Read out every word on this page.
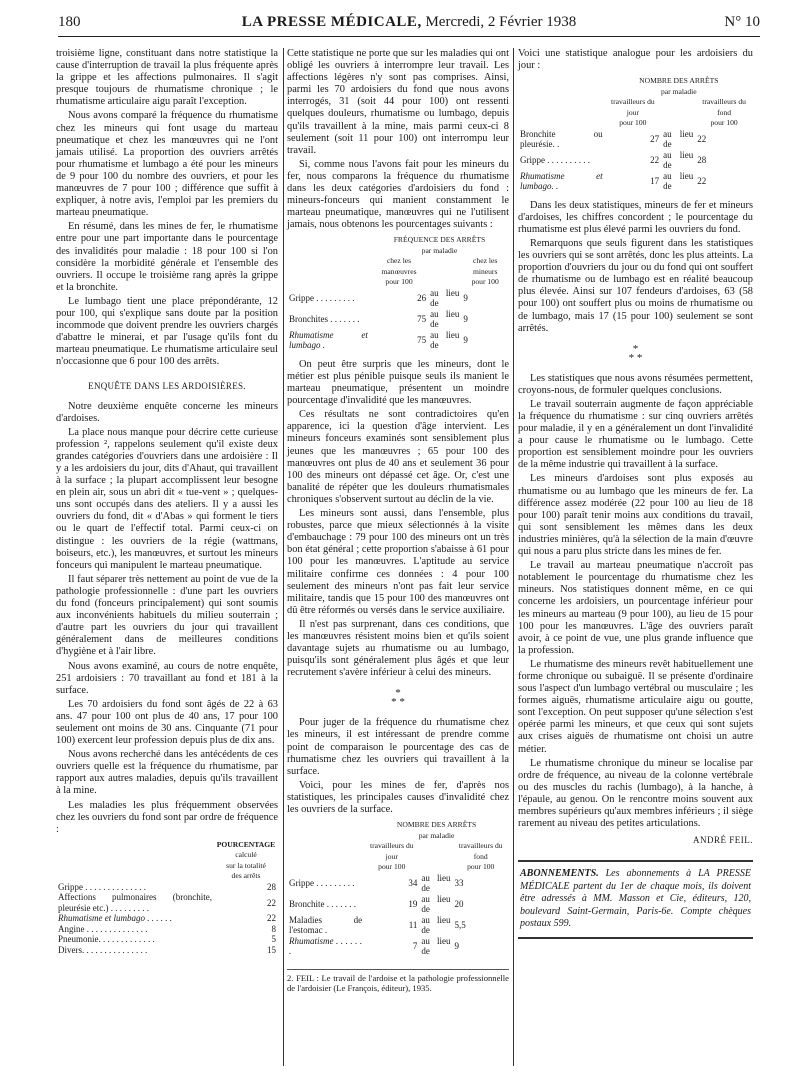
180	LA PRESSE MÉDICALE, Mercredi, 2 Février 1938	N° 10

troisième ligne, constituant dans notre statistique la cause d'interruption de travail la plus fréquente après la grippe et les affections pulmonaires. Il s'agit presque toujours de rhumatisme chronique ; le rhumatisme articulaire aigu paraît l'exception.

Nous avons comparé la fréquence du rhumatisme chez les mineurs qui font usage du marteau pneumatique et chez les manœuvres qui ne l'ont jamais utilisé. La proportion des ouvriers arrêtés pour rhumatisme et lumbago a été pour les mineurs de 9 pour 100 du nombre des ouvriers, et pour les manœuvres de 7 pour 100 ; différence que suffit à expliquer, à notre avis, l'emploi par les premiers du marteau pneumatique.

En résumé, dans les mines de fer, le rhumatisme entre pour une part importante dans le pourcentage des invalidités pour maladie : 18 pour 100 si l'on considère la morbidité générale et l'ensemble des ouvriers. Il occupe le troisième rang après la grippe et la bronchite.

Le lumbago tient une place prépondérante, 12 pour 100, qui s'explique sans doute par la position incommode que doivent prendre les ouvriers chargés d'abattre le minerai, et par l'usage qu'ils font du marteau pneumatique. Le rhumatisme articulaire seul n'occasionne que 6 pour 100 des arrêts.

ENQUÊTE DANS LES ARDOISIÈRES.

Notre deuxième enquête concerne les mineurs d'ardoises.

La place nous manque pour décrire cette curieuse profession ², rappelons seulement qu'il existe deux grandes catégories d'ouvriers dans une ardoisière : Il y a les ardoisiers du jour, dits d'Ahaut, qui travaillent à la surface ; la plupart accomplissent leur besogne en plein air, sous un abri dit « tue-vent » ; quelques-uns sont occupés dans des ateliers. Il y a aussi les ouvriers du fond, dit « d'Abas » qui forment le tiers ou le quart de l'effectif total. Parmi ceux-ci on distingue : les ouvriers de la régie (wattmans, boiseurs, etc.), les manœuvres, et surtout les mineurs fonceurs qui manipulent le marteau pneumatique.

Il faut séparer très nettement au point de vue de la pathologie professionnelle : d'une part les ouvriers du fond (fonceurs principalement) qui sont soumis aux inconvénients habituels du milieu souterrain ; d'autre part les ouvriers du jour qui travaillent généralement dans de meilleures conditions d'hygiène et à l'air libre.

Nous avons examiné, au cours de notre enquête, 251 ardoisiers : 70 travaillant au fond et 181 à la surface.

Les 70 ardoisiers du fond sont âgés de 22 à 63 ans. 47 pour 100 ont plus de 40 ans, 17 pour 100 seulement ont moins de 30 ans. Cinquante (71 pour 100) exercent leur profession depuis plus de dix ans.

Nous avons recherché dans les antécédents de ces ouvriers quelle est la fréquence du rhumatisme, par rapport aux autres maladies, depuis qu'ils travaillent à la mine.

Les maladies les plus fréquemment observées chez les ouvriers du fond sont par ordre de fréquence :

	POURCENTAGE
calculé
sur la totalité
des arrêts

Grippe . . . . . . . . . . . . . .	28
Affections pulmonaires (bronchite, pleurésie etc.) . . . . . . . . .	22
Rhumatisme et lumbago . . . . . .	22
Angine . . . . . . . . . . . . . .	8
Pneumonie. . . . . . . . . . . . .	5
Divers. . . . . . . . . . . . . . .	15

Cette statistique ne porte que sur les maladies qui ont obligé les ouvriers à interrompre leur travail. Les affections légères n'y sont pas comprises. Ainsi, parmi les 70 ardoisiers du fond que nous avons interrogés, 31 (soit 44 pour 100) ont ressenti quelques douleurs, rhumatisme ou lumbago, depuis qu'ils travaillent à la mine, mais parmi ceux-ci 8 seulement (soit 11 pour 100) ont interrompu leur travail.

Si, comme nous l'avons fait pour les mineurs du fer, nous comparons la fréquence du rhumatisme dans les deux catégories d'ardoisiers du fond : mineurs-fonceurs qui manient constamment le marteau pneumatique, manœuvres qui ne l'utilisent jamais, nous obtenons les pourcentages suivants :

	FRÉQUENCE DES ARRÊTS
par maladie		

	chez les manœuvres		chez les mineurs
	pour 100		pour 100
Grippe . . . . . . . . .	26	au lieu de	9
Bronchites . . . . . . .	75	au lieu de	9
Rhumatisme et lumbago .	75	au lieu de	9

On peut être surpris que les mineurs, dont le métier est plus pénible puisque seuls ils manient le marteau pneumatique, présentent un moindre pourcentage d'invalidité que les manœuvres.

Ces résultats ne sont contradictoires qu'en apparence, ici la question d'âge intervient. Les mineurs fonceurs examinés sont sensiblement plus jeunes que les manœuvres ; 65 pour 100 des manœuvres ont plus de 40 ans et seulement 36 pour 100 des mineurs ont dépassé cet âge. Or, c'est une banalité de répéter que les douleurs rhumatismales chroniques s'observent surtout au déclin de la vie.

Les mineurs sont aussi, dans l'ensemble, plus robustes, parce que mieux sélectionnés à la visite d'embauchage : 79 pour 100 des mineurs ont un très bon état général ; cette proportion s'abaisse à 61 pour 100 pour les manœuvres. L'aptitude au service militaire confirme ces données : 4 pour 100 seulement des mineurs n'ont pas fait leur service militaire, tandis que 15 pour 100 des manœuvres ont dû être réformés ou versés dans le service auxiliaire.

Il n'est pas surprenant, dans ces conditions, que les manœuvres résistent moins bien et qu'ils soient davantage sujets au rhumatisme ou au lumbago, puisqu'ils sont généralement plus âgés et que leur recrutement s'avère inférieur à celui des mineurs.

*
* *

Pour juger de la fréquence du rhumatisme chez les mineurs, il est intéressant de prendre comme point de comparaison le pourcentage des cas de rhumatisme chez les ouvriers qui travaillent à la surface.

Voici, pour les mines de fer, d'après nos statistiques, les principales causes d'invalidité chez les ouvriers de la surface.

	NOMBRE DES ARRÊTS
par maladie		

	travailleurs du jour		travailleurs du fond
	pour 100		pour 100
Grippe . . . . . . . . .	34	au lieu de	33
Bronchite . . . . . . .	19	au lieu de	20
Maladies de l'estomac .	11	au lieu de	5,5
Rhumatisme . . . . . . .	7	au lieu de	9
2. FEIL : Le travail de l'ardoise et la pathologie professionnelle de l'ardoisier (Le François, éditeur), 1935.

Voici une statistique analogue pour les ardoisiers du jour :

	NOMBRE DES ARRÊTS
par maladie		

	travailleurs du jour		travailleurs du fond
	pour 100		pour 100
Bronchite ou pleurésie. .	27	au lieu de	22
Grippe . . . . . . . . . .	22	au lieu de	28
Rhumatisme et lumbago. .	17	au lieu de	22

Dans les deux statistiques, mineurs de fer et mineurs d'ardoises, les chiffres concordent ; le pourcentage du rhumatisme est plus élevé parmi les ouvriers du fond.

Remarquons que seuls figurent dans les statistiques les ouvriers qui se sont arrêtés, donc les plus atteints. La proportion d'ouvriers du jour ou du fond qui ont souffert de rhumatisme ou de lumbago est en réalité beaucoup plus élevée. Ainsi sur 107 fendeurs d'ardoises, 63 (58 pour 100) ont souffert plus ou moins de rhumatisme ou de lumbago, mais 17 (15 pour 100) seulement se sont arrêtés.

*
* *

Les statistiques que nous avons résumées permettent, croyons-nous, de formuler quelques conclusions.

Le travail souterrain augmente de façon appréciable la fréquence du rhumatisme : sur cinq ouvriers arrêtés pour maladie, il y en a généralement un dont l'invalidité a pour cause le rhumatisme ou le lumbago. Cette proportion est sensiblement moindre pour les ouvriers de la même industrie qui travaillent à la surface.

Les mineurs d'ardoises sont plus exposés au rhumatisme ou au lumbago que les mineurs de fer. La différence assez modérée (22 pour 100 au lieu de 18 pour 100) paraît tenir moins aux conditions du travail, qui sont sensiblement les mêmes dans les deux industries minières, qu'à la sélection de la main d'œuvre qui nous a paru plus stricte dans les mines de fer.

Le travail au marteau pneumatique n'accroît pas notablement le pourcentage du rhumatisme chez les mineurs. Nos statistiques donnent même, en ce qui concerne les ardoisiers, un pourcentage inférieur pour les mineurs au marteau (9 pour 100), au lieu de 15 pour 100 pour les manœuvres. L'âge des ouvriers paraît avoir, à ce point de vue, une plus grande influence que la profession.

Le rhumatisme des mineurs revêt habituellement une forme chronique ou subaiguë. Il se présente d'ordinaire sous l'aspect d'un lumbago vertébral ou musculaire ; les formes aiguës, rhumatisme articulaire aigu ou goutte, sont l'exception. On peut supposer qu'une sélection s'est opérée parmi les mineurs, et que ceux qui sont sujets aux crises aiguës de rhumatisme ont choisi un autre métier.

Le rhumatisme chronique du mineur se localise par ordre de fréquence, au niveau de la colonne vertébrale ou des muscles du rachis (lumbago), à la hanche, à l'épaule, au genou. On le rencontre moins souvent aux membres supérieurs qu'aux membres inférieurs ; il siège rarement au niveau des petites articulations.

ANDRÉ FEIL.
ABONNEMENTS. Les abonnements à LA PRESSE MÉDICALE partent du 1er de chaque mois, ils doivent être adressés à MM. Masson et Cie, éditeurs, 120, boulevard Saint-Germain, Paris-6e. Compte chèques postaux 599.
